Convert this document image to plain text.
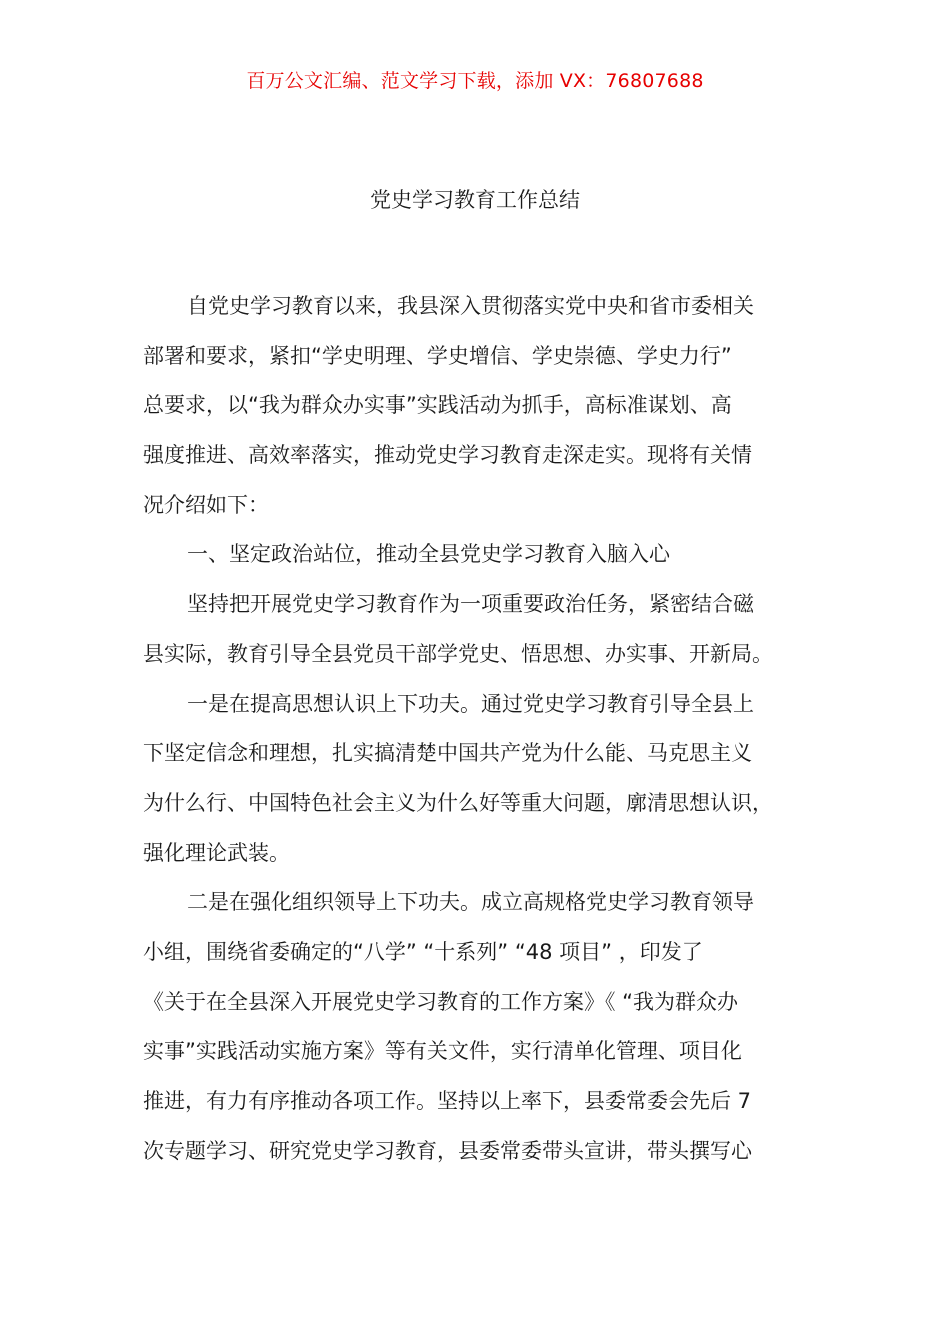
百万公文汇编、范文学习下载，添加 VX：76807688
党史学习教育工作总结
自党史学习教育以来，我县深入贯彻落实党中央和省市委相关
部署和要求，紧扣“学史明理、学史增信、学史崇德、学史力行”
总要求，以“我为群众办实事”实践活动为抓手，高标准谋划、高
强度推进、高效率落实，推动党史学习教育走深走实。现将有关情
况介绍如下：
一、坚定政治站位，推动全县党史学习教育入脑入心
坚持把开展党史学习教育作为一项重要政治任务，紧密结合磁
县实际，教育引导全县党员干部学党史、悟思想、办实事、开新局。
一是在提高思想认识上下功夫。通过党史学习教育引导全县上
下坚定信念和理想，扎实搞清楚中国共产党为什么能、马克思主义
为什么行、中国特色社会主义为什么好等重大问题，廓清思想认识，
强化理论武装。
二是在强化组织领导上下功夫。成立高规格党史学习教育领导
小组，围绕省委确定的“八学” “十系列” “48 项目” ，印发了
《关于在全县深入开展党史学习教育的工作方案》《 “我为群众办
实事”实践活动实施方案》等有关文件，实行清单化管理、项目化
推进，有力有序推动各项工作。坚持以上率下，县委常委会先后 7
次专题学习、研究党史学习教育，县委常委带头宣讲，带头撰写心
